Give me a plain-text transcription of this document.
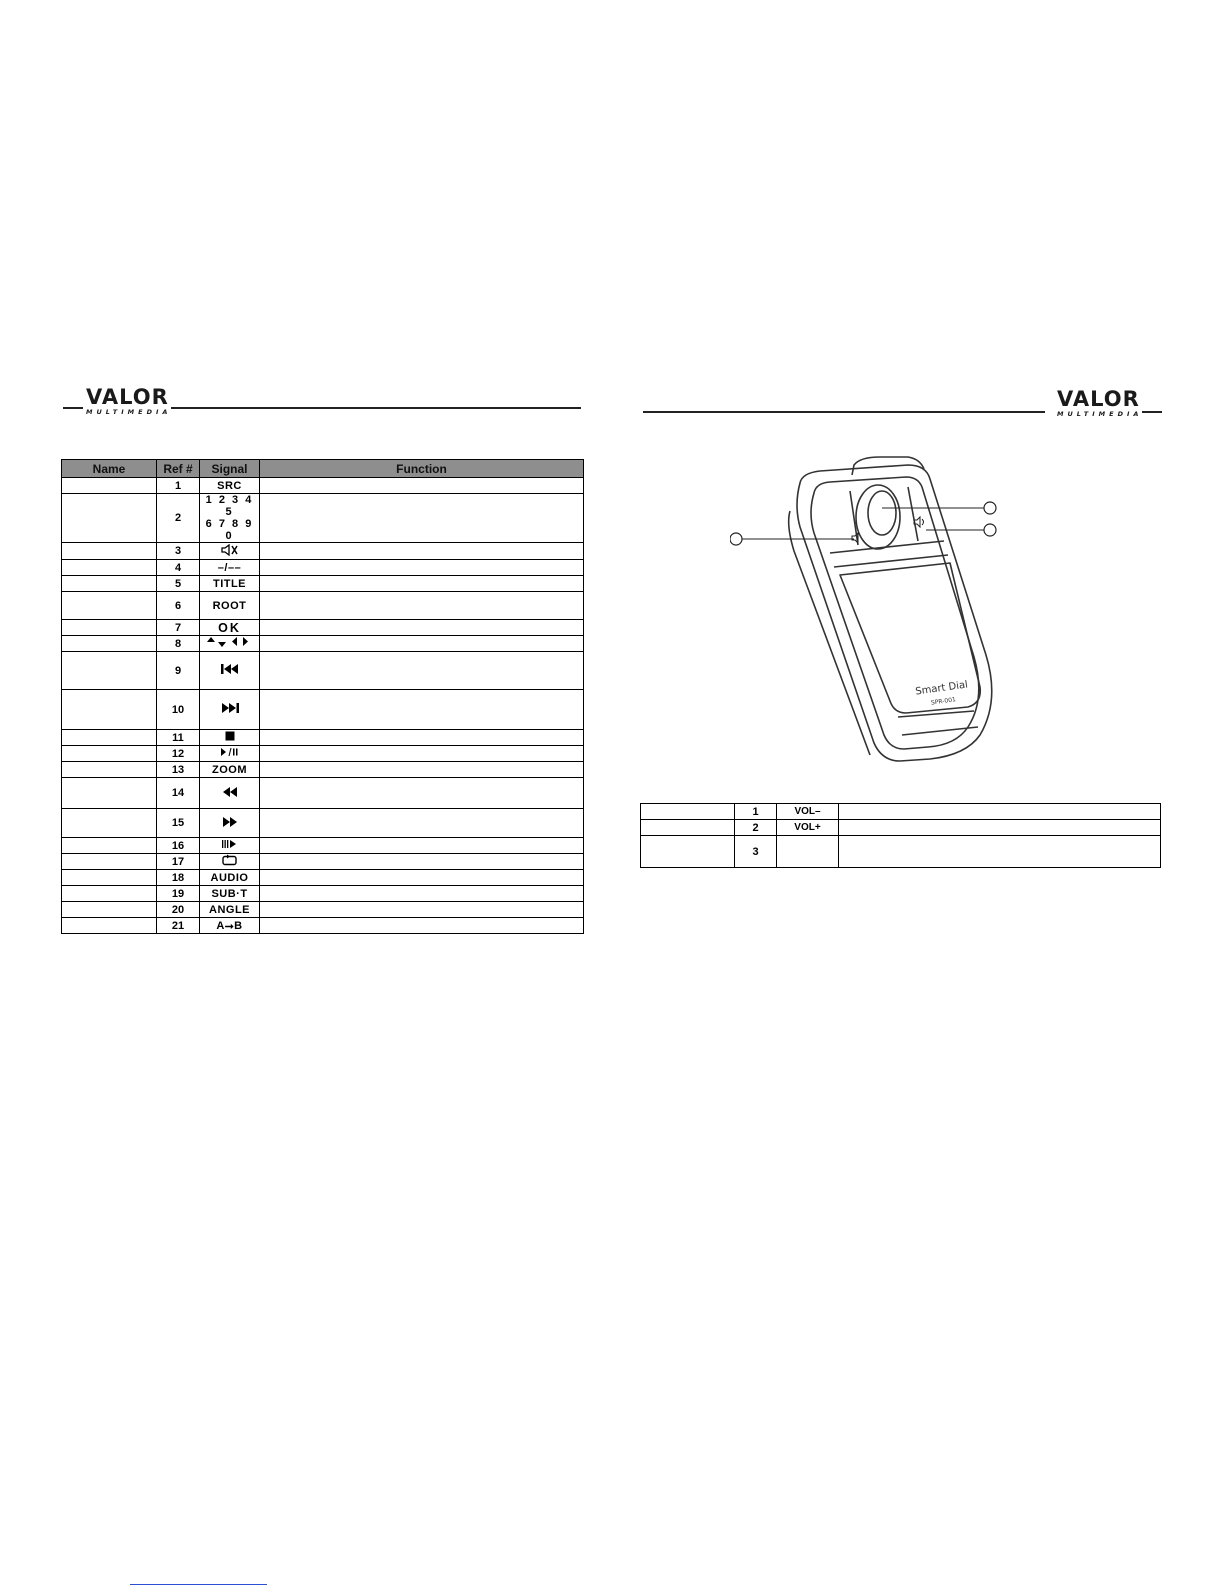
VALOR
MULTIMEDIA
Name	Ref #	Signal	Function
	1	SRC	
	2	1 2 3 4 5
6 7 8 9 0	

	3		
	4	–/––	
	5	TITLE	
	6	ROOT	
	7	OK	
	8		
	9		
	10		
	11		
	12		
	13	ZOOM	
	14		
	15		
	16		
	17		
	18	AUDIO	
	19	SUB·T	
	20	ANGLE	
	21	A⭢B	
VALOR
MULTIMEDIA
Smart Dial
SPR-001
	1	VOL–	
	2	VOL+	
	3		
